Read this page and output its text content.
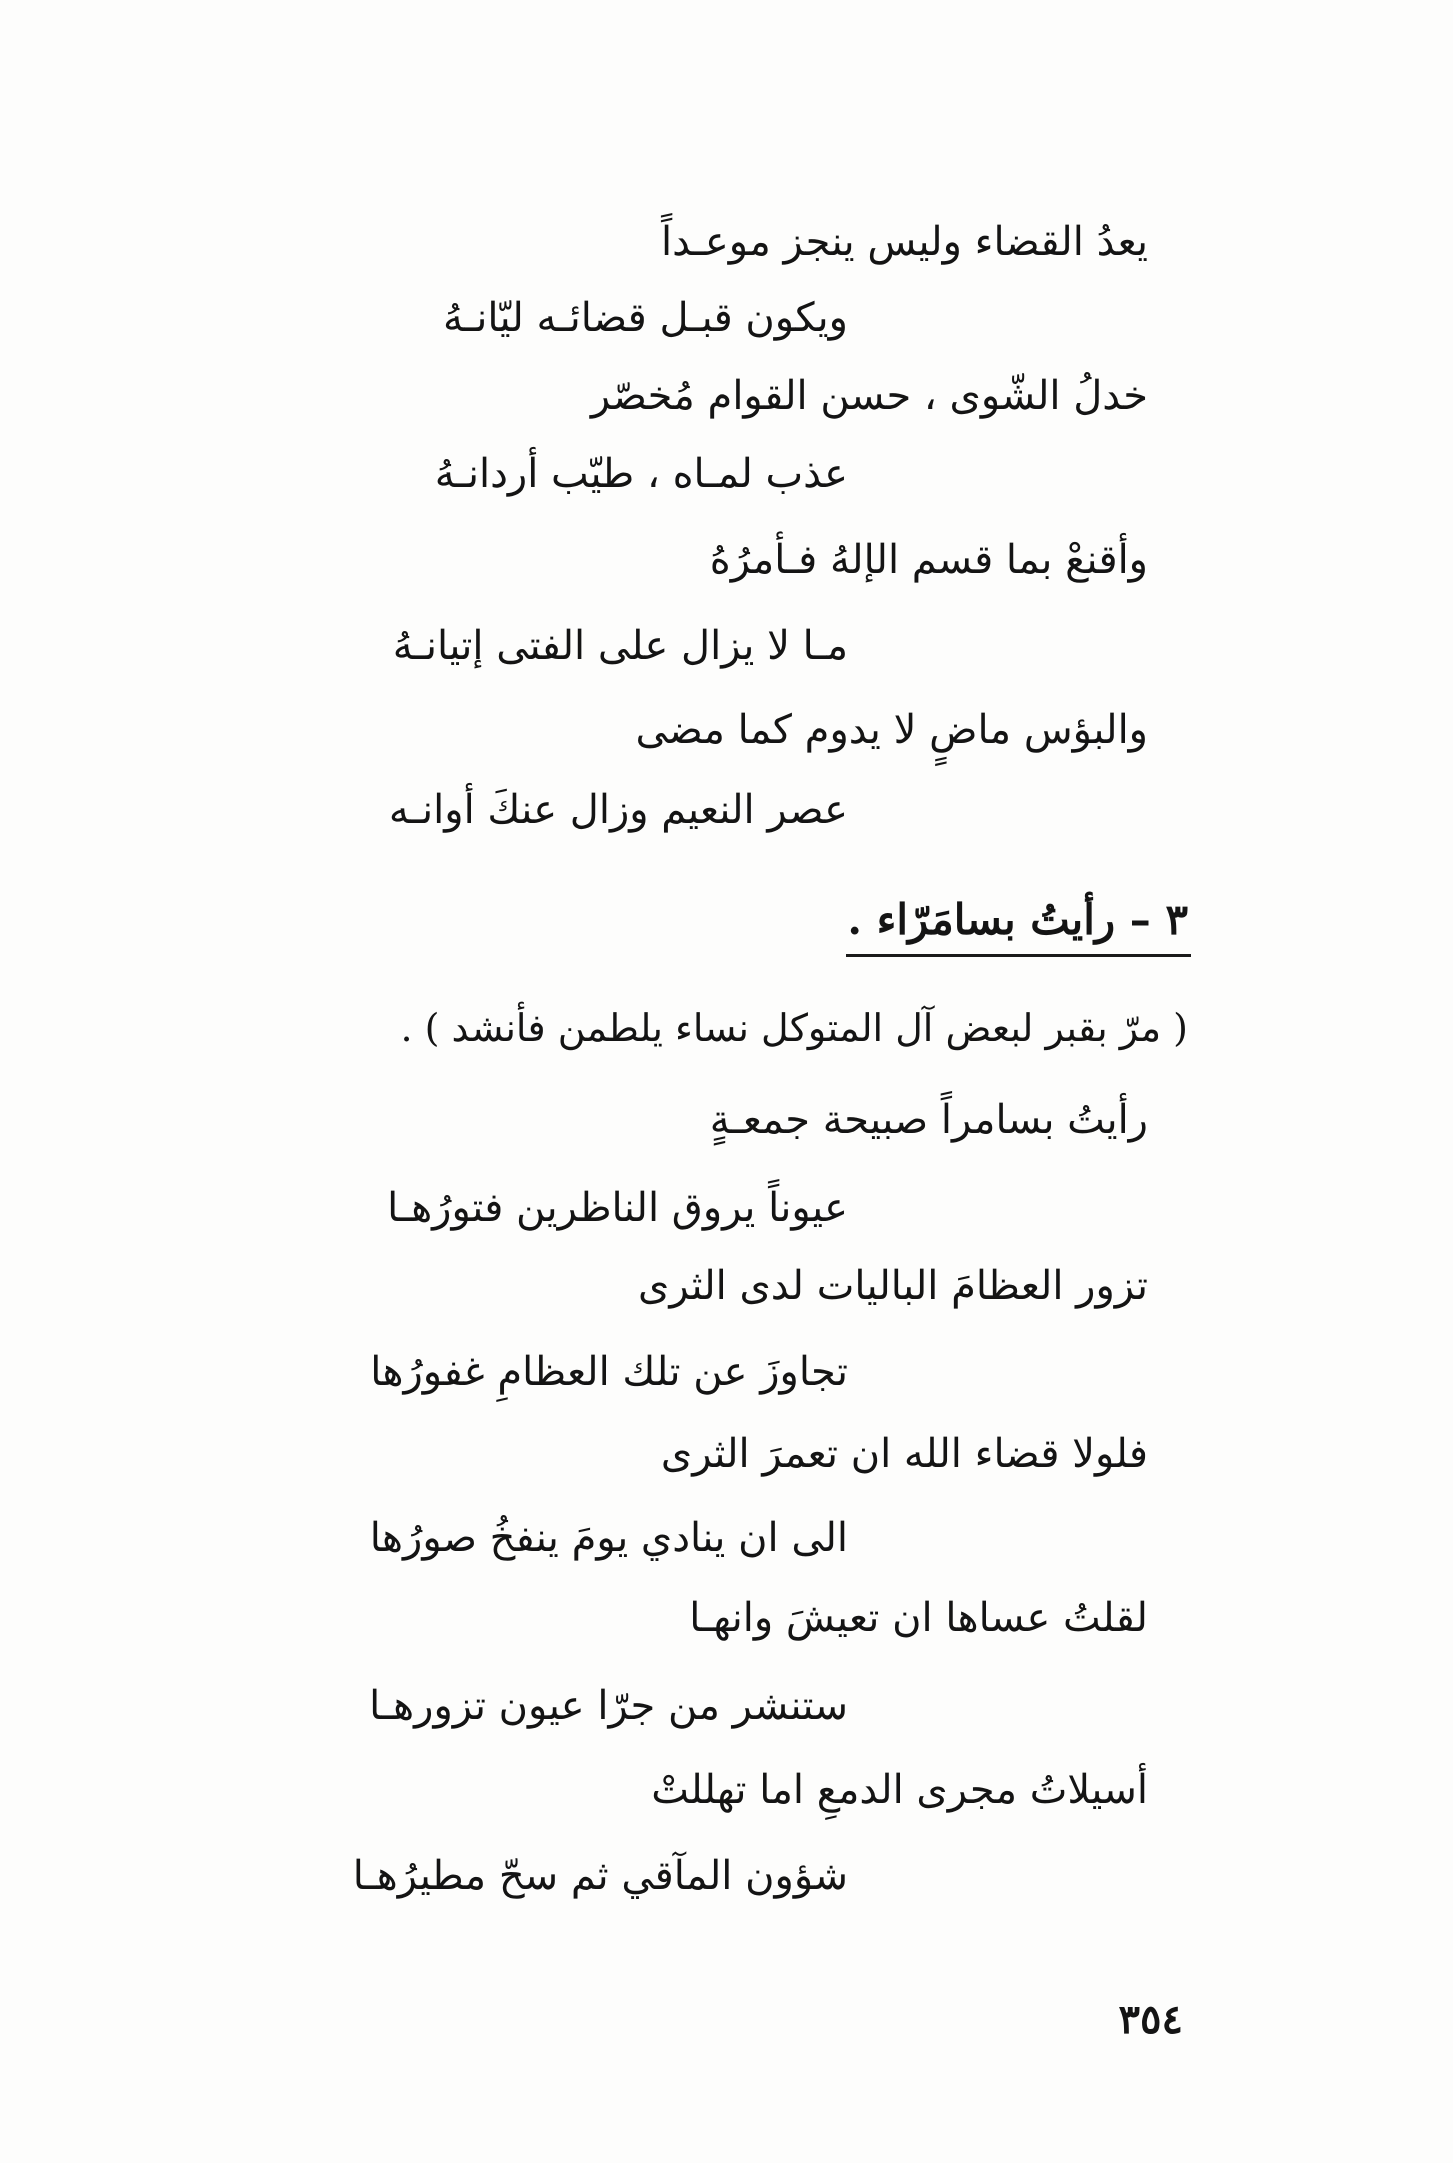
يعدُ القضاء وليس ينجز موعـداً
ويكون قبـل قضائـه ليّانـهُ
خدلُ الشّوى ، حسن القوام مُخصّر
عذب لمـاه ، طيّب أردانـهُ
وأقنعْ بما قسم الإلهُ فـأمرُهُ
مـا لا يزال على الفتى إتيانـهُ
والبؤس ماضٍ لا يدوم كما مضى
عصر النعيم وزال عنكَ أوانـه
٣ – رأيتُ بسامَرّاء .
( مرّ بقبر لبعض آل المتوكل نساء يلطمن فأنشد ) .
رأيتُ بسامراً صبيحة جمعـةٍ
عيوناً يروق الناظرين فتورُهـا
تزور العظامَ الباليات لدى الثرى
تجاوزَ عن تلك العظامِ غفورُها
فلولا قضاء الله ان تعمرَ الثرى
الى ان ينادي يومَ ينفخُ صورُها
لقلتُ عساها ان تعيشَ وانهـا
ستنشر من جرّا عيون تزورهـا
أسيلاتُ مجرى الدمعِ اما تهللتْ
شؤون المآقي ثم سحّ مطيرُهـا
٣٥٤
